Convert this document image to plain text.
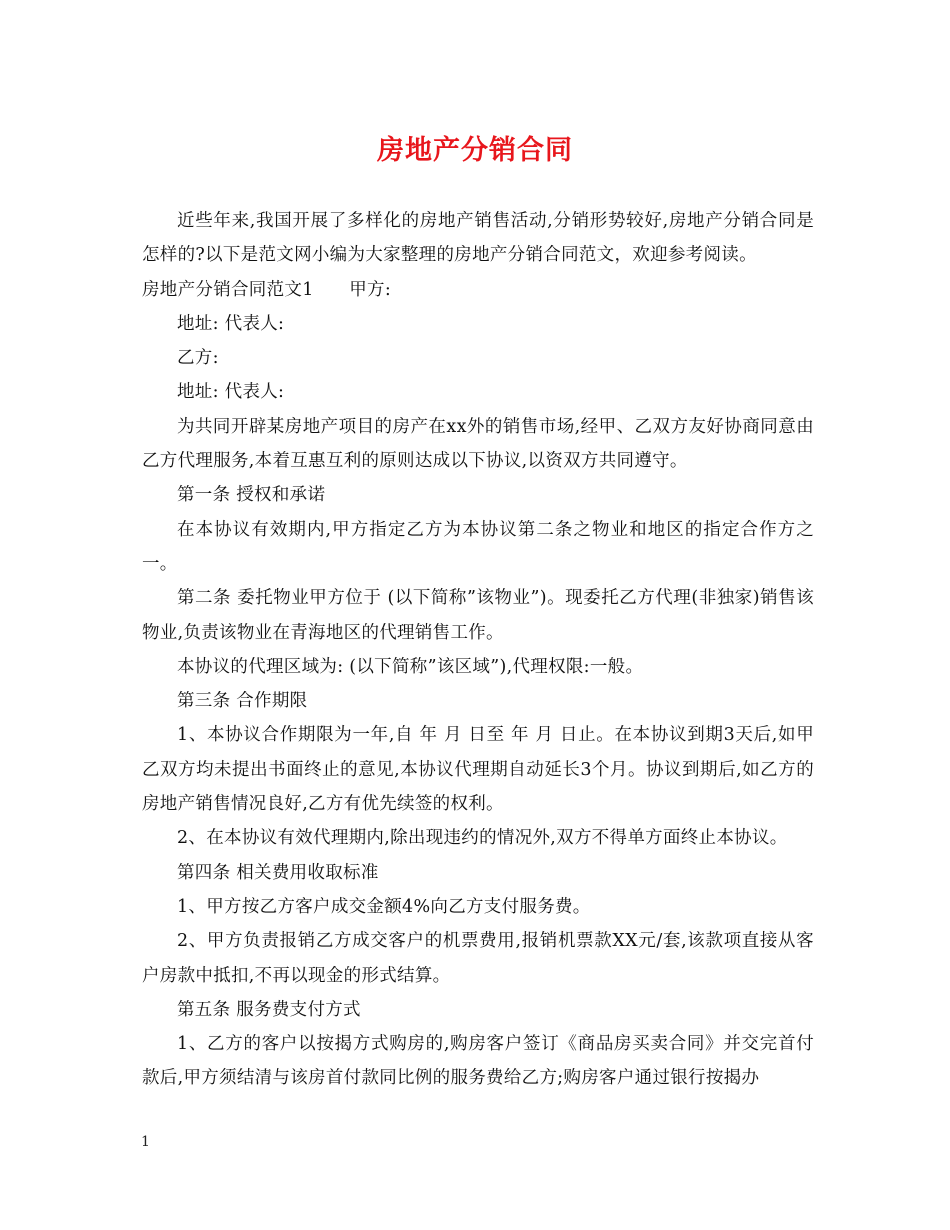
房地产分销合同

近些年来,我国开展了多样化的房地产销售活动,分销形势较好,房地产分销合同是怎样的?以下是范文网小编为大家整理的房地产分销合同范文，欢迎参考阅读。

房地产分销合同范文1　　甲方:

地址: 代表人:

乙方:

地址: 代表人:

为共同开辟某房地产项目的房产在xx外的销售市场,经甲、乙双方友好协商同意由乙方代理服务,本着互惠互利的原则达成以下协议,以资双方共同遵守。

第一条 授权和承诺

在本协议有效期内,甲方指定乙方为本协议第二条之物业和地区的指定合作方之一。

第二条 委托物业甲方位于 (以下简称”该物业”)。现委托乙方代理(非独家)销售该物业,负责该物业在青海地区的代理销售工作。

本协议的代理区域为: (以下简称”该区域”),代理权限:一般。

第三条 合作期限

1、本协议合作期限为一年,自 年 月 日至 年 月 日止。在本协议到期3天后,如甲乙双方均未提出书面终止的意见,本协议代理期自动延长3个月。协议到期后,如乙方的房地产销售情况良好,乙方有优先续签的权利。

2、在本协议有效代理期内,除出现违约的情况外,双方不得单方面终止本协议。

第四条 相关费用收取标准

1、甲方按乙方客户成交金额4%向乙方支付服务费。

2、甲方负责报销乙方成交客户的机票费用,报销机票款XX元/套,该款项直接从客户房款中抵扣,不再以现金的形式结算。

第五条 服务费支付方式

1、乙方的客户以按揭方式购房的,购房客户签订《商品房买卖合同》并交完首付款后,甲方须结清与该房首付款同比例的服务费给乙方;购房客户通过银行按揭办

1
